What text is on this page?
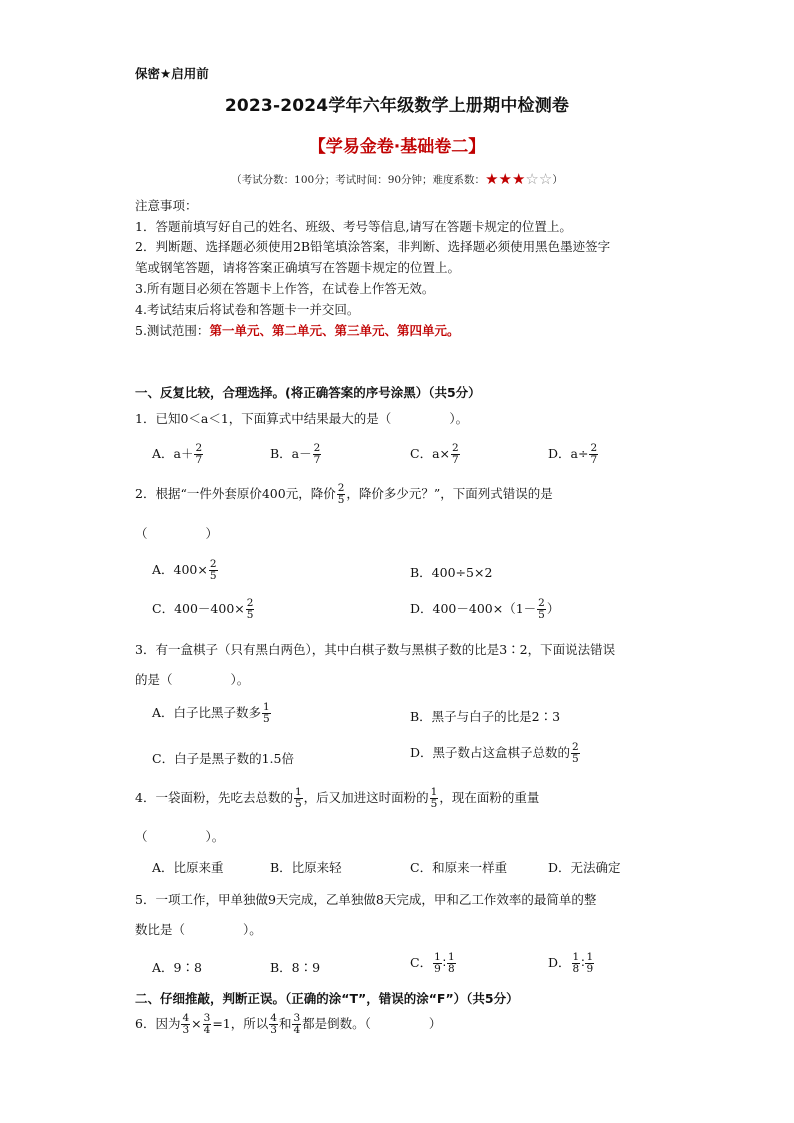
保密★启用前
2023-2024学年六年级数学上册期中检测卷
【学易金卷·基础卷二】
（考试分数：100分；考试时间：90分钟；难度系数：★★★☆☆）
注意事项：
1．答题前填写好自己的姓名、班级、考号等信息,请写在答题卡规定的位置上。
2．判断题、选择题必须使用2B铅笔填涂答案，非判断、选择题必须使用黑色墨迹签字
笔或钢笔答题，请将答案正确填写在答题卡规定的位置上。
3.所有题目必须在答题卡上作答，在试卷上作答无效。
4.考试结束后将试卷和答题卡一并交回。
5.测试范围：第一单元、第二单元、第三单元、第四单元。
一、反复比较，合理选择。(将正确答案的序号涂黑）（共5分）
1．已知0＜a＜1，下面算式中结果最大的是（	）。
A．$a+ \frac{2}{7}$	B．$a- \frac{2}{7}$	C．$a\times \frac{2}{7}$	D．$a\div \frac{2}{7}$
2．根据“一件外套原价400元，降价 $\frac{2}{5}$ ，降价多少元？”，下面列式错误的是
（	）
A．$400\times \frac{2}{5}$	B．400÷5×2
C．$400-400\times \frac{2}{5}$	D．$400-400\times(1- \frac{2}{5}$ ）
3．有一盒棋子（只有黑白两色），其中白棋子数与黑棋子数的比是3∶2，下面说法错误
的是（	）。
A．白子比黑子数多 $\frac{1}{5}$	B．黑子与白子的比是2∶3
C．白子是黑子数的1.5倍	D．黑子数占这盒棋子总数的 $\frac{2}{5}$
4．一袋面粉，先吃去总数的 $\frac{1}{5}$ ，后又加进这时面粉的 $\frac{1}{5}$ ，现在面粉的重量
（	）。
A．比原来重	B．比原来轻	C．和原来一样重	D．无法确定
5．一项工作，甲单独做9天完成，乙单独做8天完成，甲和乙工作效率的最简单的整
数比是（	）。
A．9∶8	B．8∶9	C． $\frac{1}{9}$ ∶ $\frac{1}{8}$	D． $\frac{1}{8}$ ∶ $\frac{1}{9}$
二、仔细推敲，判断正误。（正确的涂“T”，错误的涂“F”）（共5分）
6．因为 $\frac{4}{3} \times \frac{3}{4} =1$，所以 $\frac{4}{3}$ 和 $\frac{3}{4}$ 都是倒数。（	）
